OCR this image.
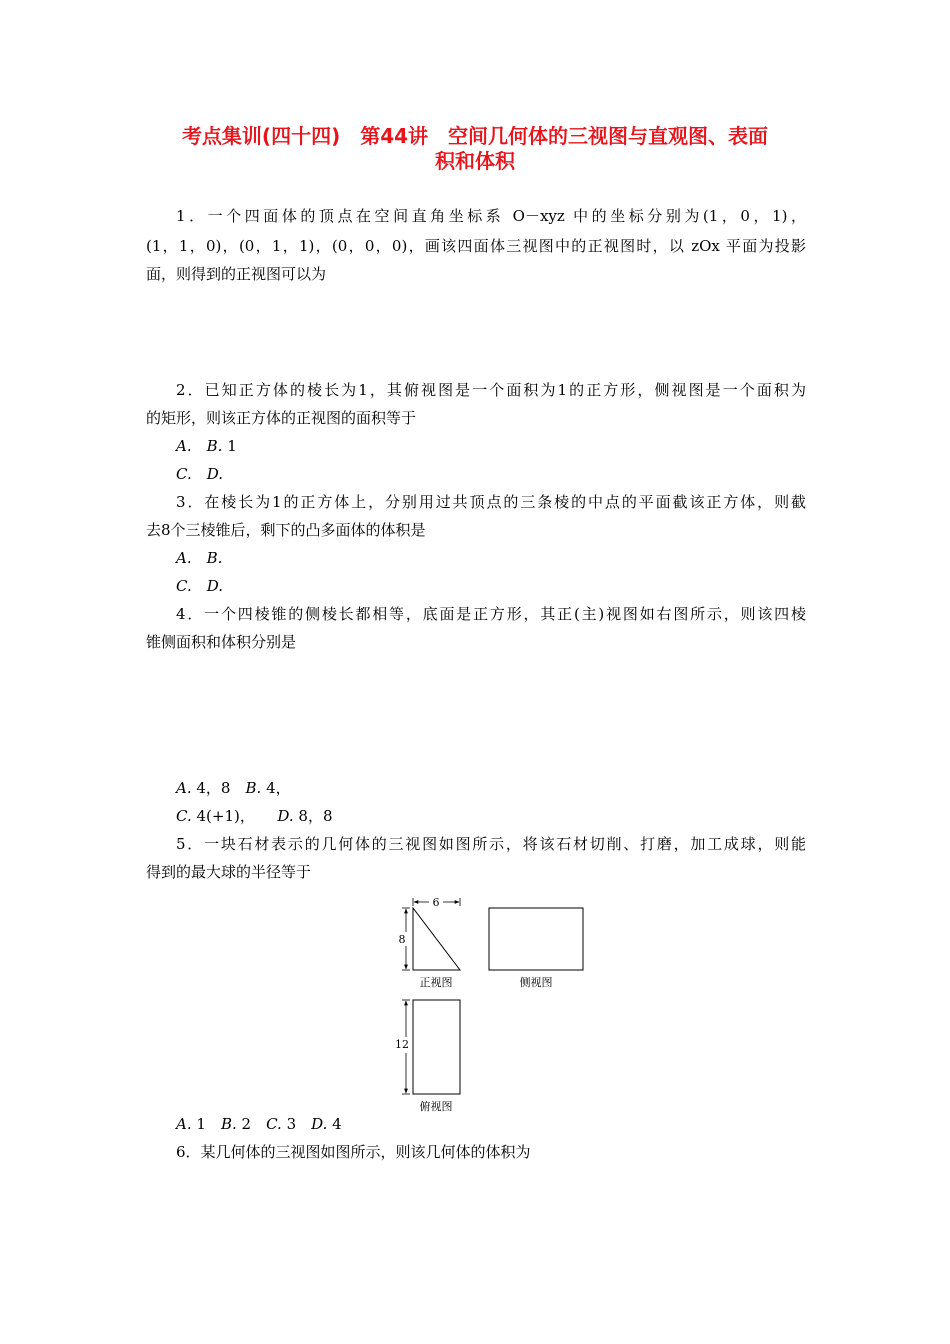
考点集训(四十四)　第44讲　空间几何体的三视图与直观图、表面
积和体积
1．一个四面体的顶点在空间直角坐标系 O－xyz 中的坐标分别为(1，0，1)，
(1，1，0)，(0，1，1)，(0，0，0)，画该四面体三视图中的正视图时，以 zOx 平面为投影
面，则得到的正视图可以为
2．已知正方体的棱长为1，其俯视图是一个面积为1的正方形，侧视图是一个面积为
的矩形，则该正方体的正视图的面积等于
A.  B. 1
C.  D.
3．在棱长为1的正方体上，分别用过共顶点的三条棱的中点的平面截该正方体，则截
去8个三棱锥后，剩下的凸多面体的体积是
A.  B.
C.  D.
4．一个四棱锥的侧棱长都相等，底面是正方形，其正(主)视图如右图所示，则该四棱
锥侧面积和体积分别是
A. 4，8  B. 4，
C. 4(+1)，   D. 8，8
5．一块石材表示的几何体的三视图如图所示，将该石材切削、打磨，加工成球，则能
得到的最大球的半径等于
6
8
正视图	侧视图
12
俯视图
A. 1  B. 2  C. 3  D. 4
6．某几何体的三视图如图所示，则该几何体的体积为
